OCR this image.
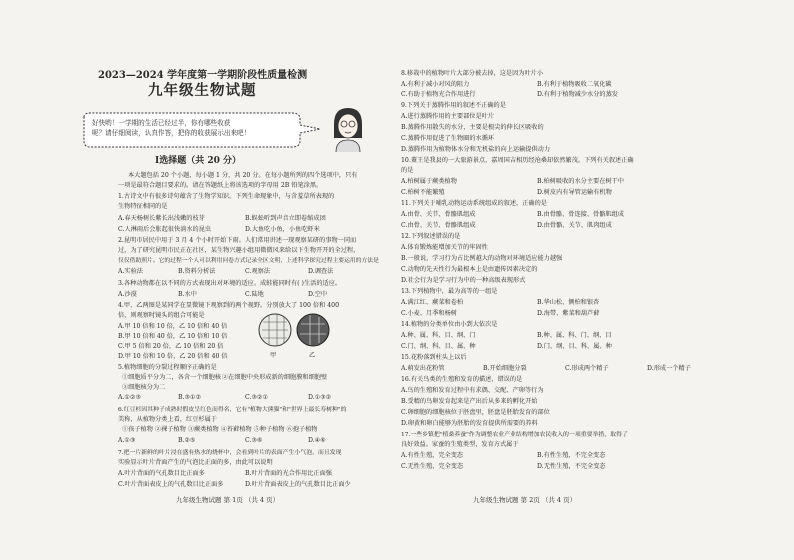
2023—2024 学年度第一学期阶段性质量检测
九年级生物试题
好快哟！一学期的生活已经过半，你有哪些收获
呢？请仔细阅读，认真作答，把你的收获展示出来吧！
Ⅰ选择题（共 20 分）
本大题包括 20 个小题，每小题 1 分，共 20 分。在每小题所列的四个选项中，只有
一项是最符合题目要求的。请在答题纸上将该选项的字母用 2B 铅笔涂黑。
1.古诗文中有很多诗句蕴含了生物学知识。下列生命现象中，与含羞草所表现的
生物特征相同的是
A.春天杨树长紫长出浅嫩的枝芽	B.蜈蚣听到声音立即卷缩成团
C.人淋雨后会胀起很快淌水的昆虫	D.大鱼吃小鱼，小鱼吃虾米
2.昆明市居民中用于 3 月 4 个小时开始下雨。人们常用讲述一现观察某研的事物一同而
过，为了研究昆明市民正在社区，某生物兴趣小组用微微风来给以下生物开开的全过程，
仅仅借助照片。它的过程一个人可以利用问卷方式记录全区文明，上述科学探究过程主要运用的方法是
A.实验法	B.资料分析法	C.观察法	D.调查法
3.各种动物都在以不同的方式表现出对环境的适应。成蛙能同时有( )生活的适应。
A.沙漠	B.水中	C.陆地	D.空中
4.甲、乙两图是某同学在显微镜下观察到的两个视野。分别放大了 100 倍和 400
倍，则观察时镜头的组合可能是
A.甲 10 倍和 10 倍，乙 10 倍和 40 倍
B.甲 10 倍和 40 倍，乙 10 倍和 10 倍
C.甲 5 倍和 20 倍，乙 10 倍和 20 倍
D.甲 10 倍和 10 倍，乙 20 倍和 40 倍	甲	乙
5.植物细胞的分裂过程顺序正确的是
①细胞质平分为二，各含一个细胞核 ②在细胞中央形成新的细胞膜和细胞壁
③细胞核分为二
A.①②③	B.③①②	C.③②①	D.①③②
6.红豆杉因其种子成熟时假皮呈红色而得名，它有"植物大熊猫"和"世界上最长寿树种"的
美称，从植物分类上看，红豆杉属于
①孩子植物 ②裸子植物 ③蕨类植物 ④苔藓植物 ⑤种子植物 ⑥孢子植物
A.①③	B.②⑤	C.③⑥	D.④⑥
7.把一片新鲜的叶片浸在盛有热水的烧杯中，会看到叶片的表面产生小气泡，而且发现
实验显示叶片背面产生的气泡比正面的多，由此可以说明
A.叶片背面的气孔数目比正面多	B.叶片背面的光合作用比正面强
C.叶片背面表皮上的气孔数目比正面多	D.叶片背面表皮上的气孔数目比正面少
九年级生物试题 第 1页 （共 4 页）
8.移栽中的植物叶片大部分被去掉，这是因为叶片小
A.有利于减小对风的阻力	B.有利于植物吸收二氧化碳
C.有助于植物光合作用进行	D.有利于植物减少水分的蒸发
9.下列关于蒸腾作用的叙述不正确的是
A.进行蒸腾作用的主要部位是叶片
B.蒸腾作用散失的水分，主要是根尖的伸长区吸收的
C.蒸腾作用促进了生物圈的水循环
D.蒸腾作用为植物体水分和无机盐的向上运输提供动力
10.蓋王是我县的一大旅游景点，嘉周国吉相历经沧桑却依然繁茂。下列有关叙述正确
的是
A.柏树属于蕨类植物	B.柏树吸收的水分主要在树干中
C.柏树不能繁殖	D.树皮内有导管运输有机物
11.下列关于哺乳动物运动系统组成的叙述，正确的是
A.由骨、关节、骨骼肌组成	B.由骨骼、骨连接、骨骼肌组成
C.由骨、关节、骨骼肌组成	D.由骨骼、关节、肌肉组成
12.下列叙述错误的是
A.体育锻炼能增加关节的牢固性
B.一般说，学习行为占比例越大的动物对环境适应能力越强
C.动物的先天性行为最根本上是由遗传因素决定的
D.社会行为是学习行为中的一种高级表现形式
13.下列植物中，最为高等的一组是
A.满江红、蕨菜和卷柏	B.华山松、侧柏和银杏
C.小麦、月季和杨树	D.海带、紫菜和葫芦藓
14.植物的分类单位由小到大依次是
A.种、属、科、目、纲、门	B.种、属、科、门、纲、目
C.门、纲、科、目、属、种	D.门、纲、目、科、属、种
15.花粉落到柱头上以后
A.萌发出花粉管	B.开始细胞分裂	C.形成两个精子	D.形成一个精子
16.有关鸟类的生殖和发育的描述，错误的是
A.鸟的生殖和发育过程中有求偶、交配、产卵等行为
B.受精的鸟卵发育起来是产出后从多来的孵化开始
C.卵细胞的细胞核位于胚盘里，胚盘是胚胎发育的部位
D.卵黄和卵白能够为胚胎的发育提供所需要的养料
17.一些乡镇把"植桑养蚕"作为调整农业产业结构增加农民收入的一项重要举措，取得了
良好效益。家蚕的生殖类型，发育方式属于
A.有性生殖，完全变态	B.有性生殖，不完全变态
C.无性生殖，完全变态	D.无性生殖，不完全变态
九年级生物试题 第 2页 （共 4 页）
